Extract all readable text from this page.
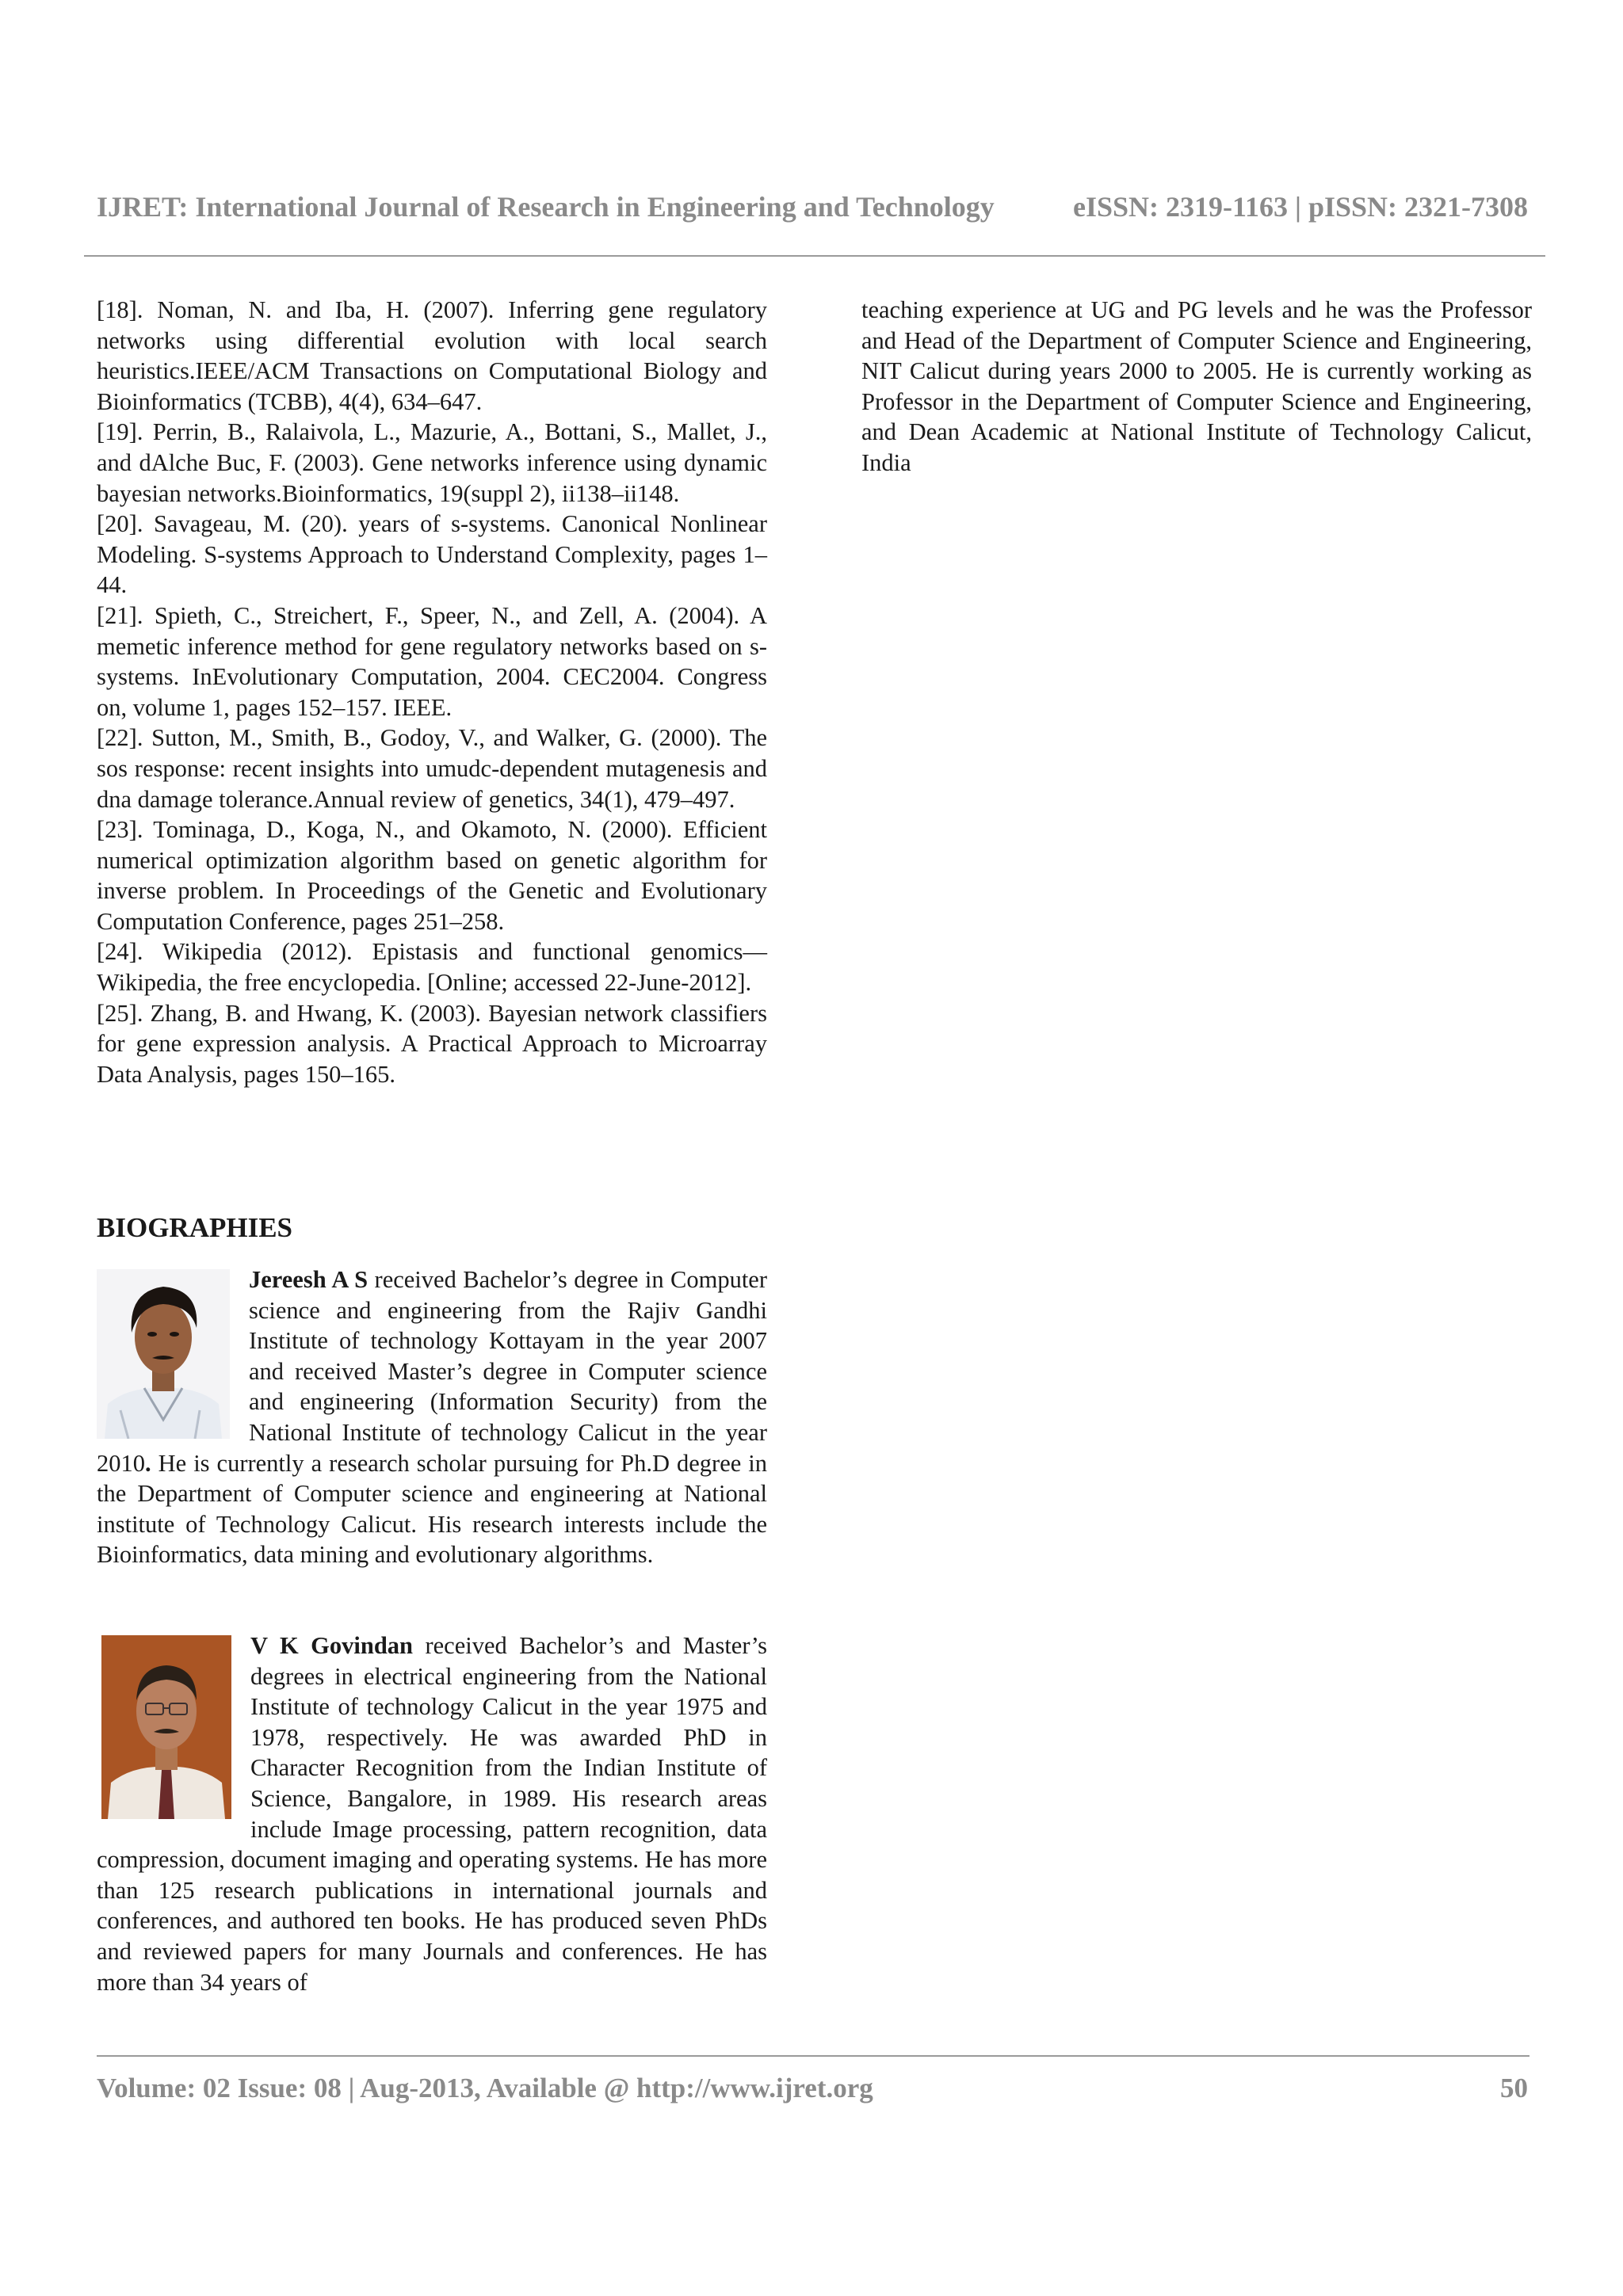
IJRET: International Journal of Research in Engineering and Technology	eISSN: 2319-1163 | pISSN: 2321-7308

[18]. Noman, N. and Iba, H. (2007). Inferring gene regulatory networks using differential evolution with local search heuristics.IEEE/ACM Transactions on Computational Biology and Bioinformatics (TCBB), 4(4), 634–647.

[19]. Perrin, B., Ralaivola, L., Mazurie, A., Bottani, S., Mallet, J., and dAlche Buc, F. (2003). Gene networks inference using dynamic bayesian networks.Bioinformatics, 19(suppl 2), ii138–ii148.

[20]. Savageau, M. (20). years of s-systems. Canonical Nonlinear Modeling. S-systems Approach to Understand Complexity, pages 1–44.

[21]. Spieth, C., Streichert, F., Speer, N., and Zell, A. (2004). A memetic inference method for gene regulatory networks based on s-systems. InEvolutionary Computation, 2004. CEC2004. Congress on, volume 1, pages 152–157. IEEE.

[22]. Sutton, M., Smith, B., Godoy, V., and Walker, G. (2000). The sos response: recent insights into umudc-dependent mutagenesis and dna damage tolerance.Annual review of genetics, 34(1), 479–497.

[23]. Tominaga, D., Koga, N., and Okamoto, N. (2000). Efficient numerical optimization algorithm based on genetic algorithm for inverse problem. In Proceedings of the Genetic and Evolutionary Computation Conference, pages 251–258.

[24]. Wikipedia (2012). Epistasis and functional genomics— Wikipedia, the free encyclopedia. [Online; accessed 22-June-2012].

[25]. Zhang, B. and Hwang, K. (2003). Bayesian network classifiers for gene expression analysis. A Practical Approach to Microarray Data Analysis, pages 150–165.

BIOGRAPHIES
Jereesh A S received Bachelor’s degree in Computer science and engineering from the Rajiv Gandhi Institute of technology Kottayam in the year 2007 and received Master’s degree in Computer science and engineering (Information Security) from the National Institute of technology Calicut in the year 2010. He is currently a research scholar pursuing for Ph.D degree in the Department of Computer science and engineering at National institute of Technology Calicut. His research interests include the Bioinformatics, data mining and evolutionary algorithms.
V K Govindan received Bachelor’s and Master’s degrees in electrical engineering from the National Institute of technology Calicut in the year 1975 and 1978, respectively. He was awarded PhD in Character Recognition from the Indian Institute of Science, Bangalore, in 1989. His research areas include Image processing, pattern recognition, data compression, document imaging and operating systems. He has more than 125 research publications in international journals and conferences, and authored ten books. He has produced seven PhDs and reviewed papers for many Journals and conferences. He has more than 34 years of

teaching experience at UG and PG levels and he was the Professor and Head of the Department of Computer Science and Engineering, NIT Calicut during years 2000 to 2005. He is currently working as Professor in the Department of Computer Science and Engineering, and Dean Academic at National Institute of Technology Calicut, India

Volume: 02 Issue: 08 | Aug-2013, Available @ http://www.ijret.org	50
